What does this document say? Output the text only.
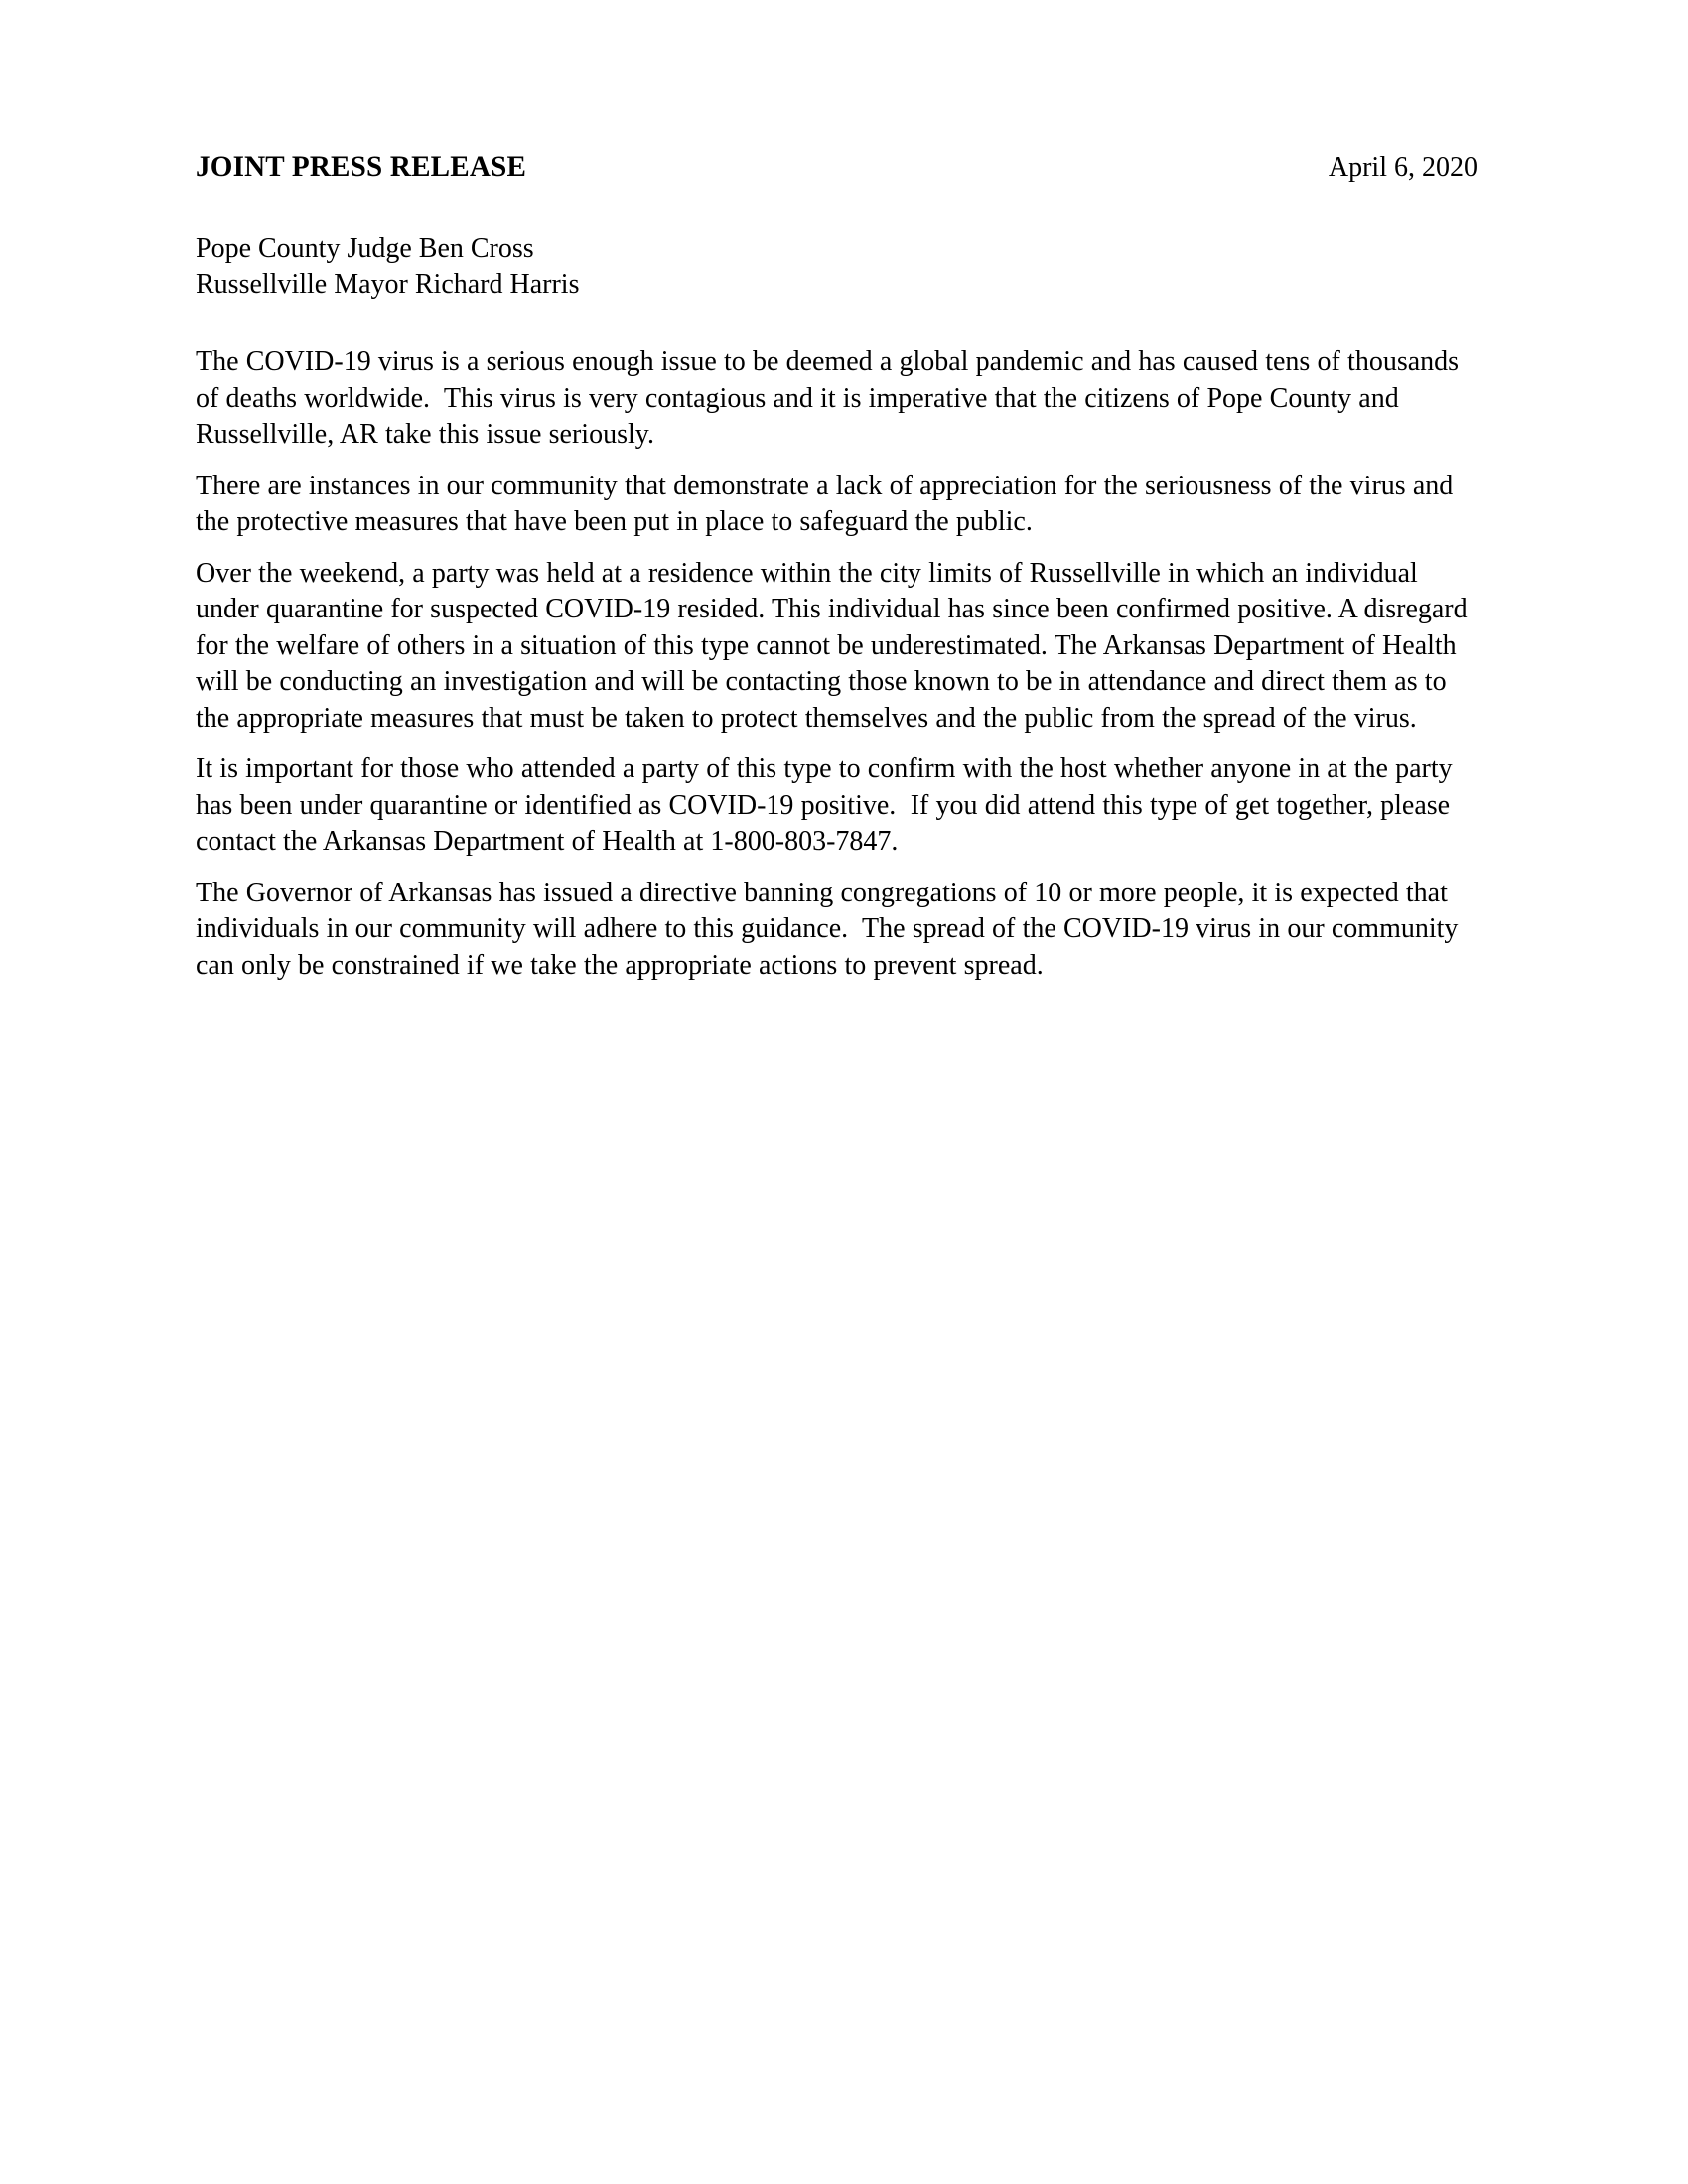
JOINT PRESS RELEASE	April 6, 2020
Pope County Judge Ben Cross
Russellville Mayor Richard Harris

The COVID-19 virus is a serious enough issue to be deemed a global pandemic and has caused tens of thousands of deaths worldwide.  This virus is very contagious and it is imperative that the citizens of Pope County and Russellville, AR take this issue seriously.

There are instances in our community that demonstrate a lack of appreciation for the seriousness of the virus and the protective measures that have been put in place to safeguard the public.

Over the weekend, a party was held at a residence within the city limits of Russellville in which an individual under quarantine for suspected COVID-19 resided. This individual has since been confirmed positive. A disregard for the welfare of others in a situation of this type cannot be underestimated. The Arkansas Department of Health will be conducting an investigation and will be contacting those known to be in attendance and direct them as to the appropriate measures that must be taken to protect themselves and the public from the spread of the virus.

It is important for those who attended a party of this type to confirm with the host whether anyone in at the party has been under quarantine or identified as COVID-19 positive.  If you did attend this type of get together, please contact the Arkansas Department of Health at 1-800-803-7847.

The Governor of Arkansas has issued a directive banning congregations of 10 or more people, it is expected that individuals in our community will adhere to this guidance.  The spread of the COVID-19 virus in our community can only be constrained if we take the appropriate actions to prevent spread.
